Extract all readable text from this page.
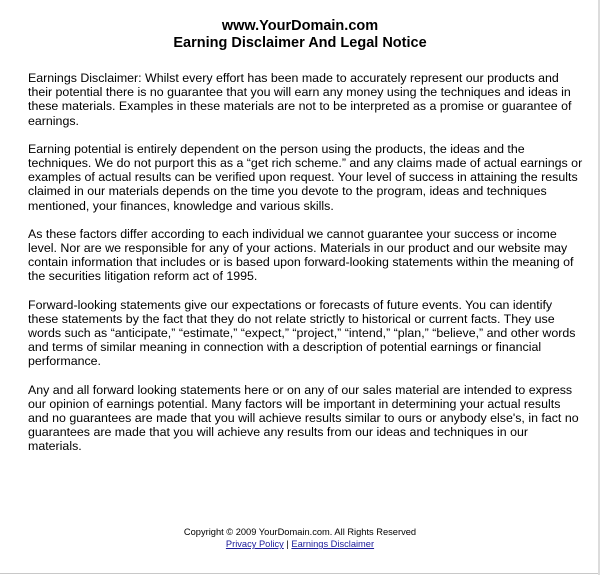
www.YourDomain.com
Earning Disclaimer And Legal Notice

Earnings Disclaimer: Whilst every effort has been made to accurately represent our products and their potential there is no guarantee that you will earn any money using the techniques and ideas in these materials. Examples in these materials are not to be interpreted as a promise or guarantee of earnings.

Earning potential is entirely dependent on the person using the products, the ideas and the techniques. We do not purport this as a “get rich scheme.” and any claims made of actual earnings or examples of actual results can be verified upon request. Your level of success in attaining the results claimed in our materials depends on the time you devote to the program, ideas and techniques mentioned, your finances, knowledge and various skills.

As these factors differ according to each individual we cannot guarantee your success or income level. Nor are we responsible for any of your actions. Materials in our product and our website may contain information that includes or is based upon forward-looking statements within the meaning of the securities litigation reform act of 1995.

Forward-looking statements give our expectations or forecasts of future events. You can identify these statements by the fact that they do not relate strictly to historical or current facts. They use words such as “anticipate,” “estimate,” “expect,” “project,” “intend,” “plan,” “believe,” and other words and terms of similar meaning in connection with a description of potential earnings or financial performance.

Any and all forward looking statements here or on any of our sales material are intended to express our opinion of earnings potential. Many factors will be important in determining your actual results and no guarantees are made that you will achieve results similar to ours or anybody else's, in fact no guarantees are made that you will achieve any results from our ideas and techniques in our materials.

Copyright © 2009 YourDomain.com. All Rights Reserved
Privacy Policy | Earnings Disclaimer
